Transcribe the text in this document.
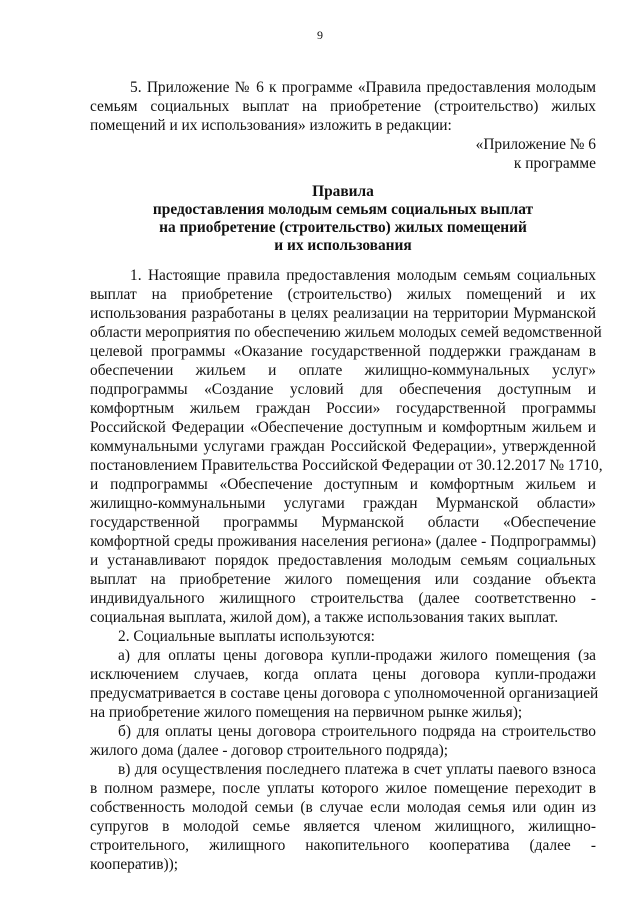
9
5. Приложение № 6 к программе «Правила предоставления молодым
семьям социальных выплат на приобретение (строительство) жилых
помещений и их использования» изложить в редакции:
«Приложение № 6
к программе
Правила
предоставления молодым семьям социальных выплат
на приобретение (строительство) жилых помещений
и их использования
1. Настоящие правила предоставления молодым семьям социальных
выплат на приобретение (строительство) жилых помещений и их
использования разработаны в целях реализации на территории Мурманской
области мероприятия по обеспечению жильем молодых семей ведомственной
целевой программы «Оказание государственной поддержки гражданам в
обеспечении жильем и оплате жилищно-коммунальных услуг»
подпрограммы «Создание условий для обеспечения доступным и
комфортным жильем граждан России» государственной программы
Российской Федерации «Обеспечение доступным и комфортным жильем и
коммунальными услугами граждан Российской Федерации», утвержденной
постановлением Правительства Российской Федерации от 30.12.2017 № 1710,
и подпрограммы «Обеспечение доступным и комфортным жильем и
жилищно-коммунальными услугами граждан Мурманской области»
государственной программы Мурманской области «Обеспечение
комфортной среды проживания населения региона» (далее - Подпрограммы)
и устанавливают порядок предоставления молодым семьям социальных
выплат на приобретение жилого помещения или создание объекта
индивидуального жилищного строительства (далее соответственно -
социальная выплата, жилой дом), а также использования таких выплат.
2. Социальные выплаты используются:
а) для оплаты цены договора купли-продажи жилого помещения (за
исключением случаев, когда оплата цены договора купли-продажи
предусматривается в составе цены договора с уполномоченной организацией
на приобретение жилого помещения на первичном рынке жилья);
б) для оплаты цены договора строительного подряда на строительство
жилого дома (далее - договор строительного подряда);
в) для осуществления последнего платежа в счет уплаты паевого взноса
в полном размере, после уплаты которого жилое помещение переходит в
собственность молодой семьи (в случае если молодая семья или один из
супругов в молодой семье является членом жилищного, жилищно-
строительного, жилищного накопительного кооператива (далее -
кооператив));
